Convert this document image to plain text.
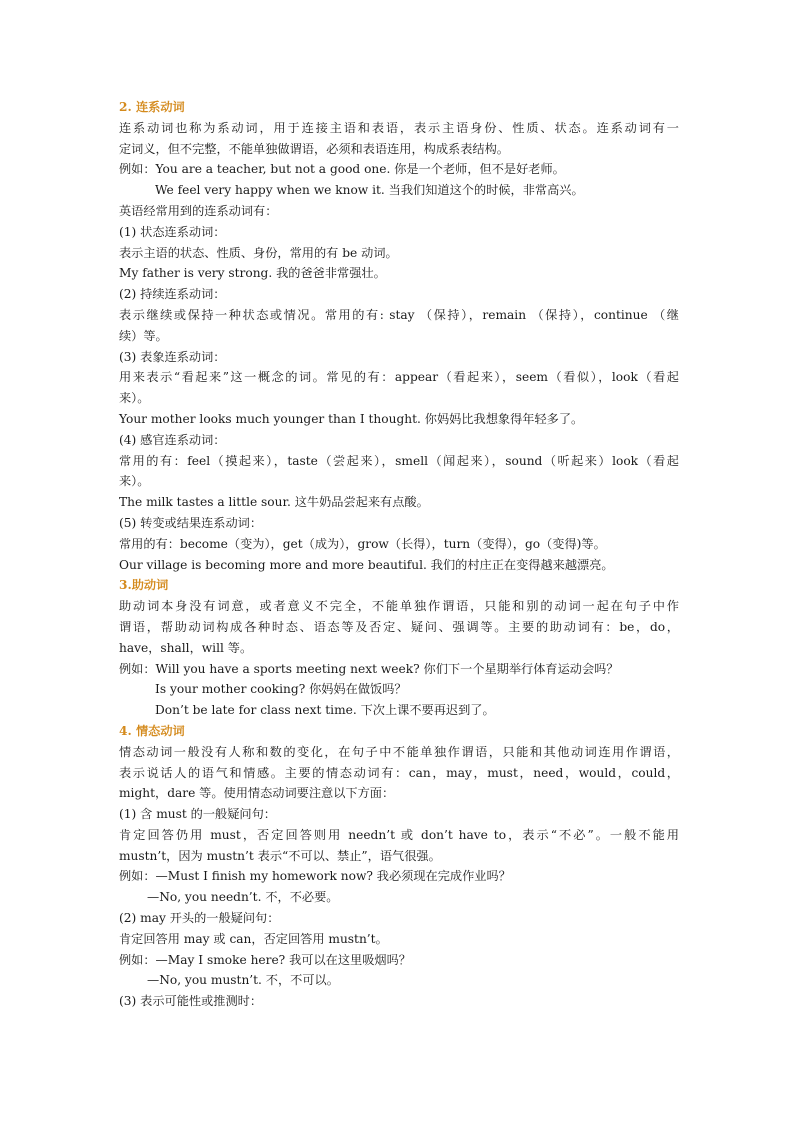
2. 连系动词
连系动词也称为系动词，用于连接主语和表语，表示主语身份、性质、状态。连系动词有一
定词义，但不完整，不能单独做谓语，必须和表语连用，构成系表结构。
例如：You are a teacher, but not a good one. 你是一个老师，但不是好老师。
We feel very happy when we know it. 当我们知道这个的时候，非常高兴。
英语经常用到的连系动词有：
(1) 状态连系动词：
表示主语的状态、性质、身份，常用的有 be 动词。
My father is very strong. 我的爸爸非常强壮。
(2) 持续连系动词：
表示继续或保持一种状态或情况。常用的有: stay （保持），remain （保持），continue （继
续）等。
(3) 表象连系动词：
用来表示“看起来”这一概念的词。常见的有：appear（看起来），seem（看似），look（看起
来）。
Your mother looks much younger than I thought. 你妈妈比我想象得年轻多了。
(4) 感官连系动词：
常用的有：feel（摸起来），taste（尝起来），smell（闻起来），sound（听起来）look（看起
来）。
The milk tastes a little sour. 这牛奶品尝起来有点酸。
(5) 转变或结果连系动词：
常用的有：become（变为），get（成为），grow（长得），turn（变得），go（变得)等。
Our village is becoming more and more beautiful. 我们的村庄正在变得越来越漂亮。
3.助动词
助动词本身没有词意，或者意义不完全，不能单独作谓语，只能和别的动词一起在句子中作
谓语，帮助动词构成各种时态、语态等及否定、疑问、强调等。主要的助动词有：be，do，
have，shall，will 等。
例如：Will you have a sports meeting next week? 你们下一个星期举行体育运动会吗？
Is your mother cooking? 你妈妈在做饭吗？
Don’t be late for class next time. 下次上课不要再迟到了。
4. 情态动词
情态动词一般没有人称和数的变化，在句子中不能单独作谓语，只能和其他动词连用作谓语，
表示说话人的语气和情感。主要的情态动词有：can，may，must，need，would，could，
might，dare 等。使用情态动词要注意以下方面：
(1) 含 must 的一般疑问句：
肯定回答仍用 must，否定回答则用 needn’t 或 don’t have to，表示“不必”。一般不能用
mustn’t，因为 mustn’t 表示“不可以、禁止”，语气很强。
例如：—Must I finish my homework now? 我必须现在完成作业吗？
—No, you needn’t. 不，不必要。
(2) may 开头的一般疑问句：
肯定回答用 may 或 can，否定回答用 mustn’t。
例如：—May I smoke here? 我可以在这里吸烟吗？
—No, you mustn’t. 不，不可以。
(3) 表示可能性或推测时：
